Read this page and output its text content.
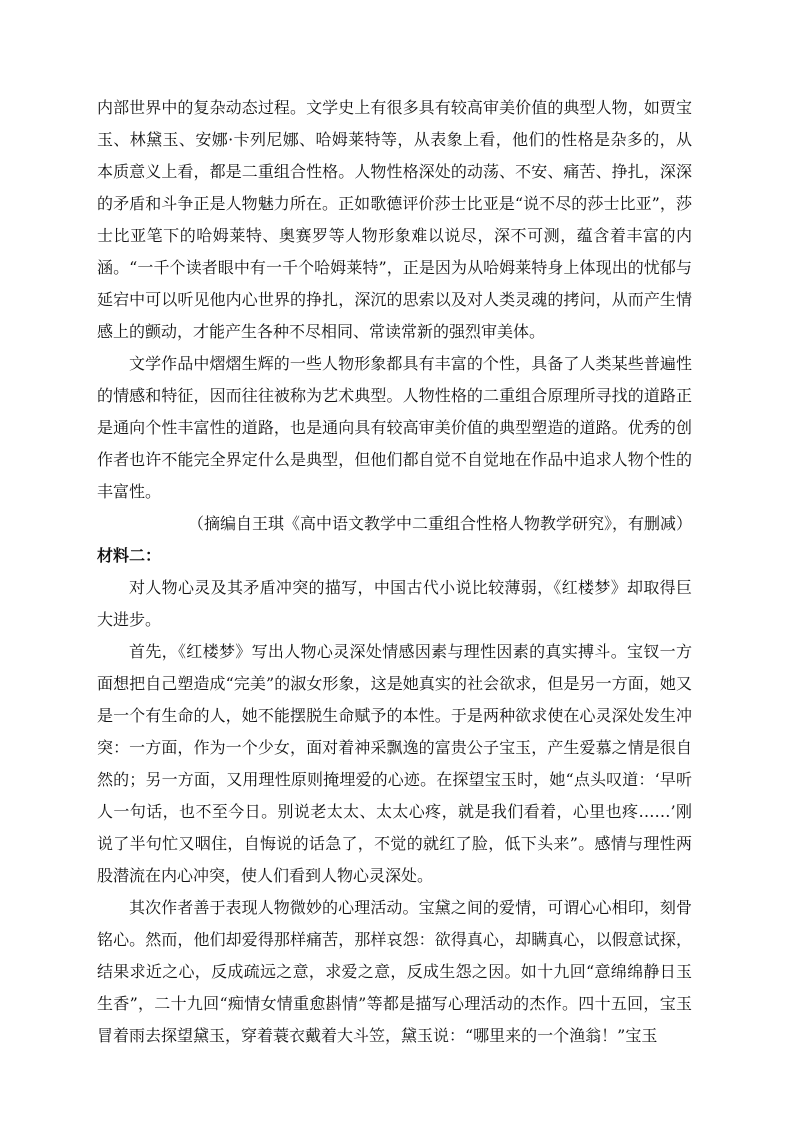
内部世界中的复杂动态过程。文学史上有很多具有较高审美价值的典型人物，如贾宝玉、林黛玉、安娜·卡列尼娜、哈姆莱特等，从表象上看，他们的性格是杂多的，从本质意义上看，都是二重组合性格。人物性格深处的动荡、不安、痛苦、挣扎，深深的矛盾和斗争正是人物魅力所在。正如歌德评价莎士比亚是“说不尽的莎士比亚”，莎士比亚笔下的哈姆莱特、奥赛罗等人物形象难以说尽，深不可测，蕴含着丰富的内涵。“一千个读者眼中有一千个哈姆莱特”，正是因为从哈姆莱特身上体现出的忧郁与延宕中可以听见他内心世界的挣扎，深沉的思索以及对人类灵魂的拷问，从而产生情感上的颤动，才能产生各种不尽相同、常读常新的强烈审美体。

文学作品中熠熠生辉的一些人物形象都具有丰富的个性，具备了人类某些普遍性的情感和特征，因而往往被称为艺术典型。人物性格的二重组合原理所寻找的道路正是通向个性丰富性的道路，也是通向具有较高审美价值的典型塑造的道路。优秀的创作者也许不能完全界定什么是典型，但他们都自觉不自觉地在作品中追求人物个性的丰富性。

（摘编自王琪《高中语文教学中二重组合性格人物教学研究》，有删减）

材料二：

对人物心灵及其矛盾冲突的描写，中国古代小说比较薄弱，《红楼梦》却取得巨大进步。

首先，《红楼梦》写出人物心灵深处情感因素与理性因素的真实搏斗。宝钗一方面想把自己塑造成“完美”的淑女形象，这是她真实的社会欲求，但是另一方面，她又是一个有生命的人，她不能摆脱生命赋予的本性。于是两种欲求使在心灵深处发生冲突：一方面，作为一个少女，面对着神采飘逸的富贵公子宝玉，产生爱慕之情是很自然的；另一方面，又用理性原则掩埋爱的心迹。在探望宝玉时，她“点头叹道：‘早听人一句话，也不至今日。别说老太太、太太心疼，就是我们看着，心里也疼……’刚说了半句忙又咽住，自悔说的话急了，不觉的就红了脸，低下头来”。感情与理性两股潜流在内心冲突，使人们看到人物心灵深处。

其次作者善于表现人物微妙的心理活动。宝黛之间的爱情，可谓心心相印，刻骨铭心。然而，他们却爱得那样痛苦，那样哀怨：欲得真心，却瞒真心，以假意试探，结果求近之心，反成疏远之意，求爱之意，反成生怨之因。如十九回“意绵绵静日玉生香”，二十九回“痴情女情重愈斟情”等都是描写心理活动的杰作。四十五回，宝玉冒着雨去探望黛玉，穿着蓑衣戴着大斗笠，黛玉说：“哪里来的一个渔翁！”宝玉
